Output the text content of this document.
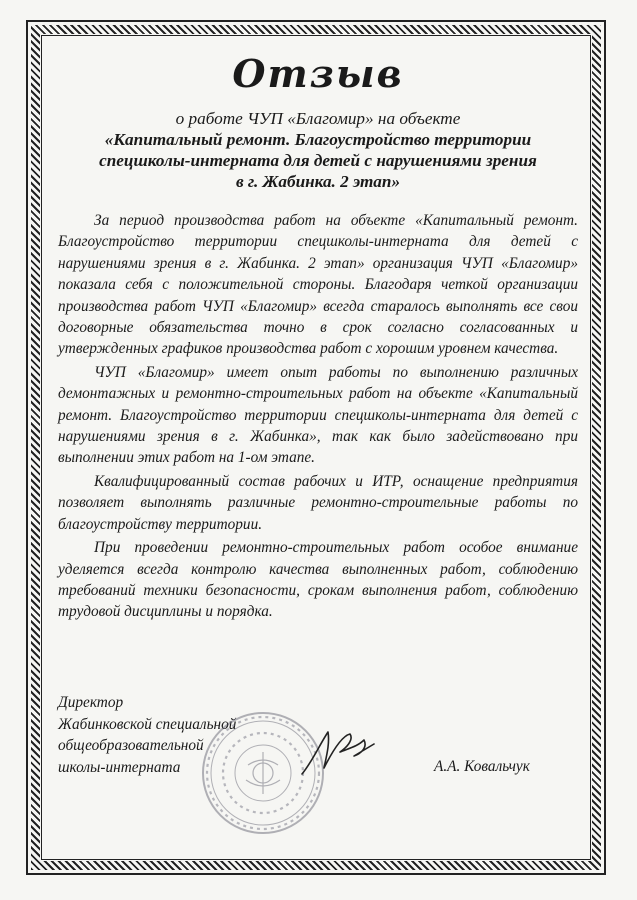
Отзыв
о работе ЧУП «Благомир» на объекте
«Капитальный ремонт. Благоустройство территории
спецшколы-интерната для детей с нарушениями зрения
в г. Жабинка. 2 этап»

За период производства работ на объекте «Капитальный ремонт. Благоустройство территории спецшколы-интерната для детей с нарушениями зрения в г. Жабинка. 2 этап» организация ЧУП «Благомир» показала себя с положительной стороны. Благодаря четкой организации производства работ ЧУП «Благомир» всегда старалось выполнять все свои договорные обязательства точно в срок согласно согласованных и утвержденных графиков производства работ с хорошим уровнем качества.

ЧУП «Благомир» имеет опыт работы по выполнению различных демонтажных и ремонтно-строительных работ на объекте «Капитальный ремонт. Благоустройство территории спецшколы-интерната для детей с нарушениями зрения в г. Жабинка», так как было задействовано при выполнении этих работ на 1-ом этапе.

Квалифицированный состав рабочих и ИТР, оснащение предприятия позволяет выполнять различные ремонтно-строительные работы по благоустройству территории.

При проведении ремонтно-строительных работ особое внимание уделяется всегда контролю качества выполненных работ, соблюдению требований техники безопасности, срокам выполнения работ, соблюдению трудовой дисциплины и порядка.

Директор
Жабинковской специальной
общеобразовательной
школы-интерната	А.А. Ковальчук
